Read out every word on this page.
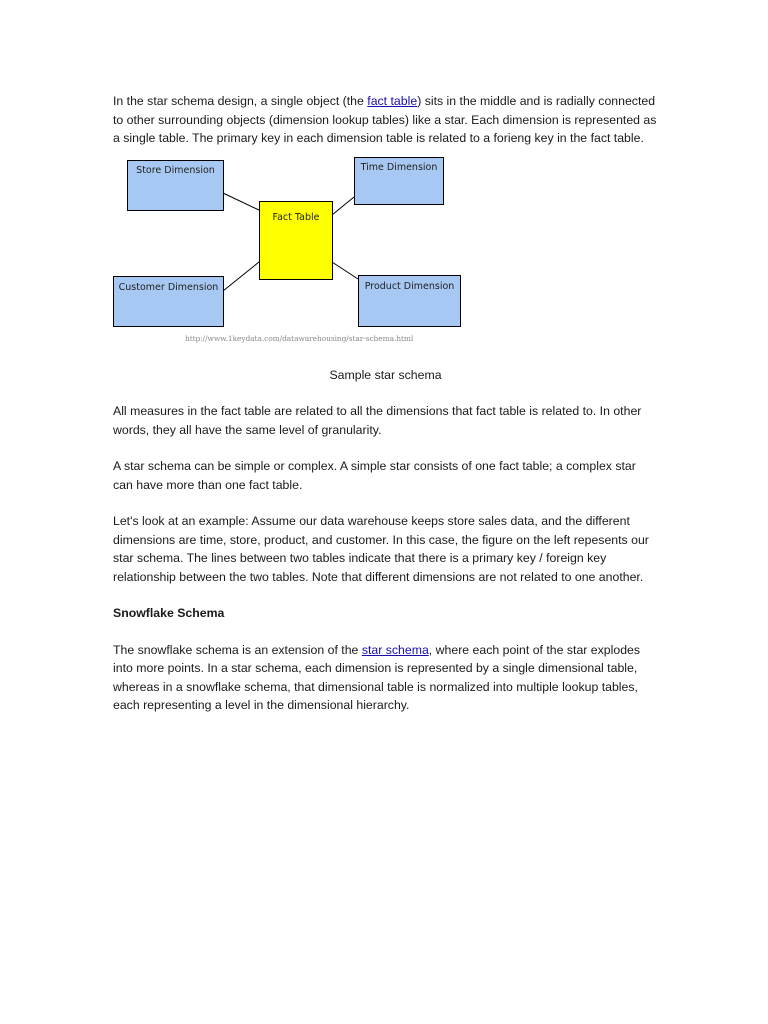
In the star schema design, a single object (the fact table) sits in the middle and is radially connected to other surrounding objects (dimension lookup tables) like a star. Each dimension is represented as a single table. The primary key in each dimension table is related to a forieng key in the fact table.

Store Dimension	Time Dimension
Fact Table
Customer Dimension	Product Dimension
http://www.1keydata.com/datawarehousing/star-schema.html

Sample star schema

All measures in the fact table are related to all the dimensions that fact table is related to. In other words, they all have the same level of granularity.

A star schema can be simple or complex. A simple star consists of one fact table; a complex star can have more than one fact table.

Let's look at an example: Assume our data warehouse keeps store sales data, and the different dimensions are time, store, product, and customer. In this case, the figure on the left repesents our star schema. The lines between two tables indicate that there is a primary key / foreign key relationship between the two tables. Note that different dimensions are not related to one another.

Snowflake Schema

The snowflake schema is an extension of the star schema, where each point of the star explodes into more points. In a star schema, each dimension is represented by a single dimensional table, whereas in a snowflake schema, that dimensional table is normalized into multiple lookup tables, each representing a level in the dimensional hierarchy.
